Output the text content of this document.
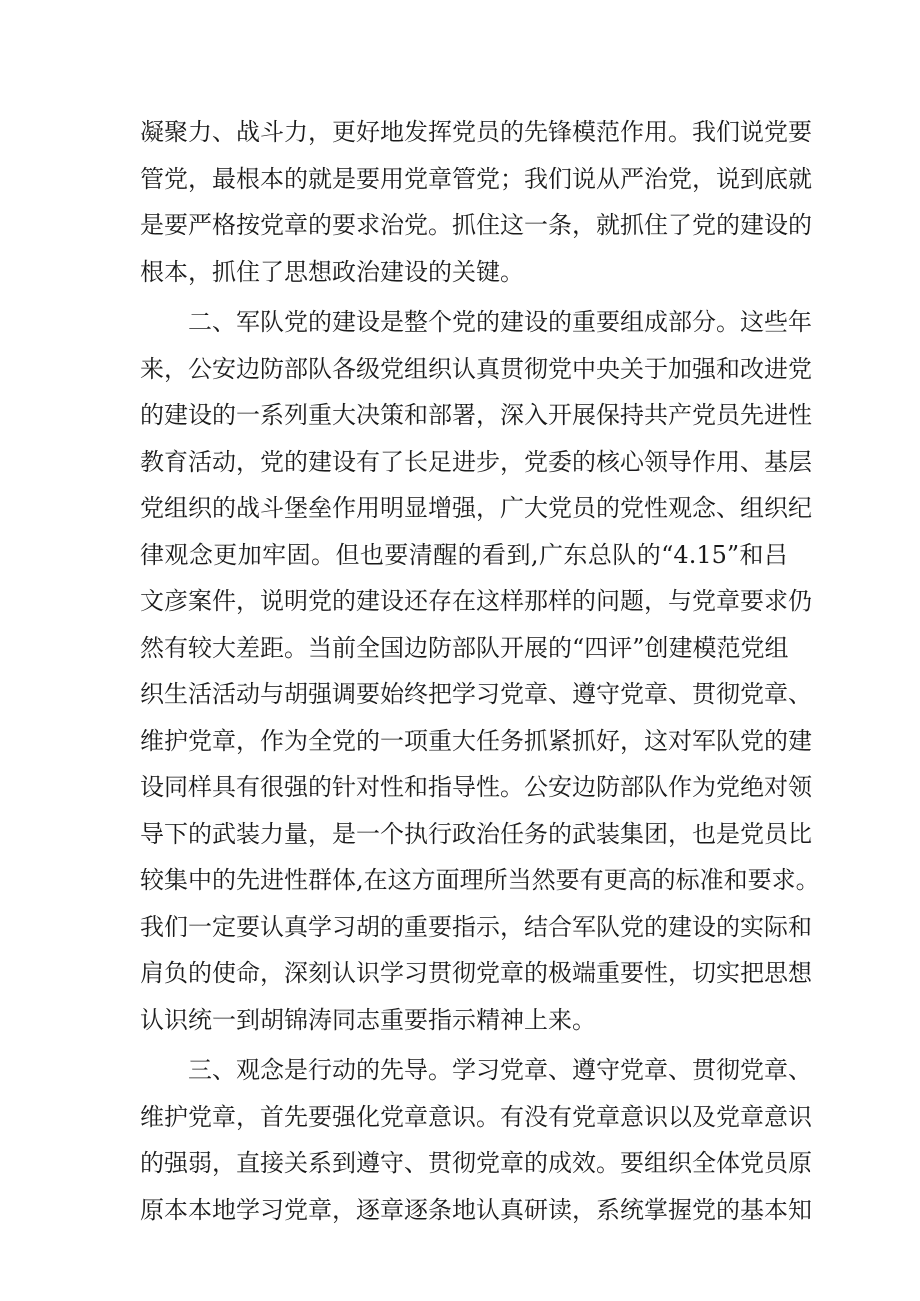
凝聚力、战斗力，更好地发挥党员的先锋模范作用。我们说党要
管党，最根本的就是要用党章管党；我们说从严治党，说到底就
是要严格按党章的要求治党。抓住这一条，就抓住了党的建设的
根本，抓住了思想政治建设的关键。
二、军队党的建设是整个党的建设的重要组成部分。这些年
来，公安边防部队各级党组织认真贯彻党中央关于加强和改进党
的建设的一系列重大决策和部署，深入开展保持共产党员先进性
教育活动，党的建设有了长足进步，党委的核心领导作用、基层
党组织的战斗堡垒作用明显增强，广大党员的党性观念、组织纪
律观念更加牢固。但也要清醒的看到,广东总队的“4.15”和吕
文彦案件，说明党的建设还存在这样那样的问题，与党章要求仍
然有较大差距。当前全国边防部队开展的“四评”创建模范党组
织生活活动与胡强调要始终把学习党章、遵守党章、贯彻党章、
维护党章，作为全党的一项重大任务抓紧抓好，这对军队党的建
设同样具有很强的针对性和指导性。公安边防部队作为党绝对领
导下的武装力量，是一个执行政治任务的武装集团，也是党员比
较集中的先进性群体,在这方面理所当然要有更高的标准和要求。
我们一定要认真学习胡的重要指示，结合军队党的建设的实际和
肩负的使命，深刻认识学习贯彻党章的极端重要性，切实把思想
认识统一到胡锦涛同志重要指示精神上来。
三、观念是行动的先导。学习党章、遵守党章、贯彻党章、
维护党章，首先要强化党章意识。有没有党章意识以及党章意识
的强弱，直接关系到遵守、贯彻党章的成效。要组织全体党员原
原本本地学习党章，逐章逐条地认真研读，系统掌握党的基本知
